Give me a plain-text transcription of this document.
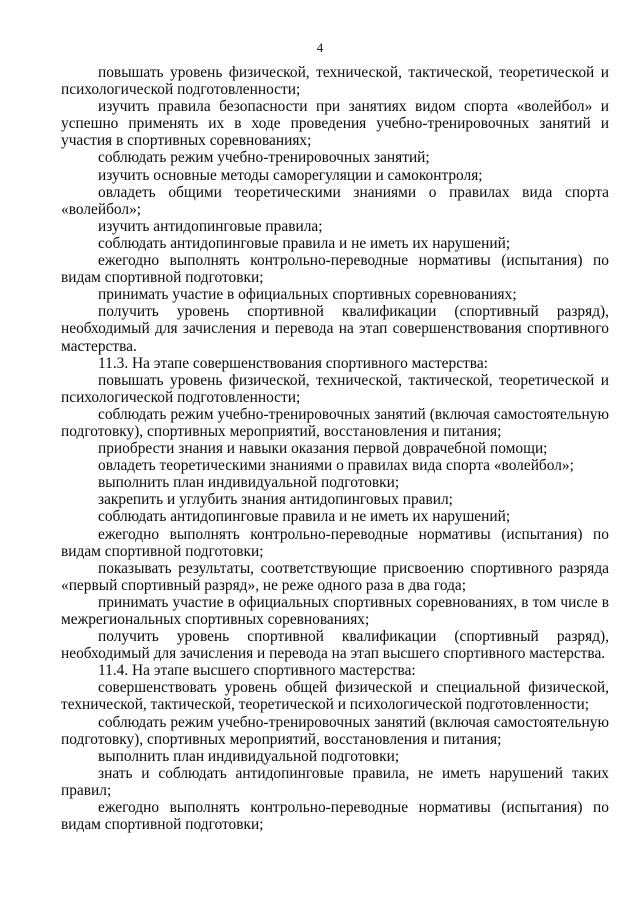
4

повышать уровень физической, технической, тактической, теоретической и психологической подготовленности;

изучить правила безопасности при занятиях видом спорта «волейбол» и успешно применять их в ходе проведения учебно-тренировочных занятий и участия в спортивных соревнованиях;

соблюдать режим учебно-тренировочных занятий;

изучить основные методы саморегуляции и самоконтроля;

овладеть общими теоретическими знаниями о правилах вида спорта «волейбол»;

изучить антидопинговые правила;

соблюдать антидопинговые правила и не иметь их нарушений;

ежегодно выполнять контрольно-переводные нормативы (испытания) по видам спортивной подготовки;

принимать участие в официальных спортивных соревнованиях;

получить уровень спортивной квалификации (спортивный разряд), необходимый для зачисления и перевода на этап совершенствования спортивного мастерства.

11.3. На этапе совершенствования спортивного мастерства:

повышать уровень физической, технической, тактической, теоретической и психологической подготовленности;

соблюдать режим учебно-тренировочных занятий (включая самостоятельную подготовку), спортивных мероприятий, восстановления и питания;

приобрести знания и навыки оказания первой доврачебной помощи;

овладеть теоретическими знаниями о правилах вида спорта «волейбол»;

выполнить план индивидуальной подготовки;

закрепить и углубить знания антидопинговых правил;

соблюдать антидопинговые правила и не иметь их нарушений;

ежегодно выполнять контрольно-переводные нормативы (испытания) по видам спортивной подготовки;

показывать результаты, соответствующие присвоению спортивного разряда «первый спортивный разряд», не реже одного раза в два года;

принимать участие в официальных спортивных соревнованиях, в том числе в межрегиональных спортивных соревнованиях;

получить уровень спортивной квалификации (спортивный разряд), необходимый для зачисления и перевода на этап высшего спортивного мастерства.

11.4. На этапе высшего спортивного мастерства:

совершенствовать уровень общей физической и специальной физической, технической, тактической, теоретической и психологической подготовленности;

соблюдать режим учебно-тренировочных занятий (включая самостоятельную подготовку), спортивных мероприятий, восстановления и питания;

выполнить план индивидуальной подготовки;

знать и соблюдать антидопинговые правила, не иметь нарушений таких правил;

ежегодно выполнять контрольно-переводные нормативы (испытания) по видам спортивной подготовки;
